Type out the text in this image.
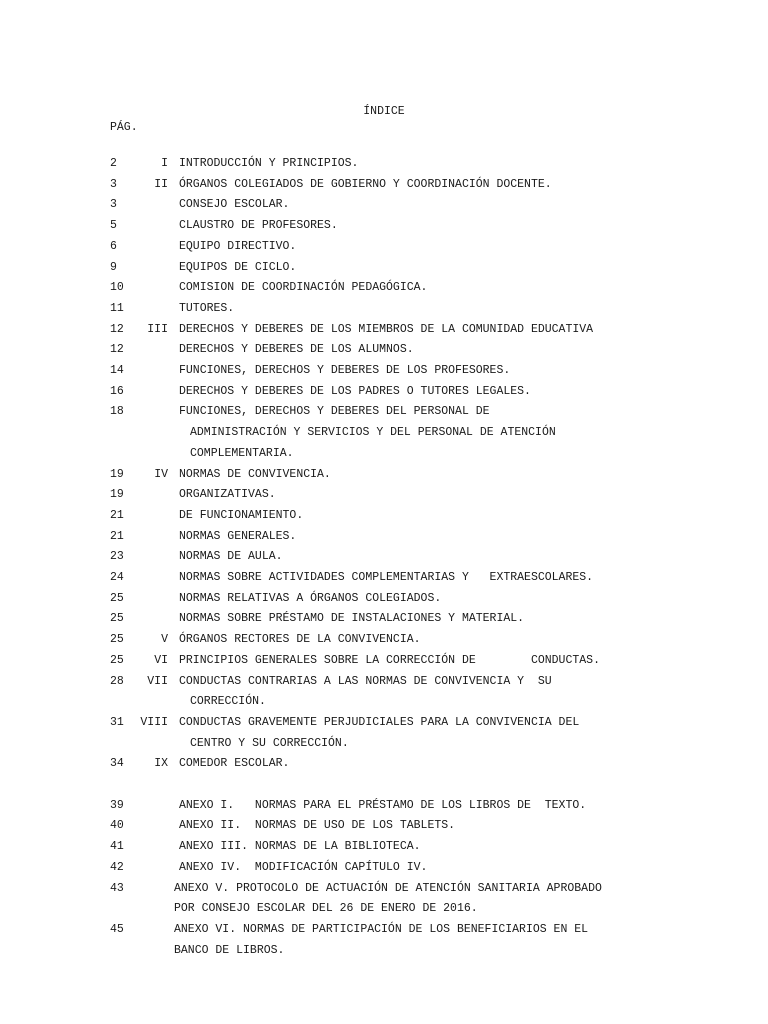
ÍNDICE
PÁG.
2	I INTRODUCCIÓN Y PRINCIPIOS.
3	II ÓRGANOS COLEGIADOS DE GOBIERNO Y COORDINACIÓN DOCENTE.
3	CONSEJO ESCOLAR.
5	CLAUSTRO DE PROFESORES.
6	EQUIPO DIRECTIVO.
9	EQUIPOS DE CICLO.
10	COMISION DE COORDINACIÓN PEDAGÓGICA.
11	TUTORES.
12	III DERECHOS Y DEBERES DE LOS MIEMBROS DE LA COMUNIDAD EDUCATIVA
12	DERECHOS Y DEBERES DE LOS ALUMNOS.
14	FUNCIONES, DERECHOS Y DEBERES DE LOS PROFESORES.
16	DERECHOS Y DEBERES DE LOS PADRES O TUTORES LEGALES.
18	FUNCIONES, DERECHOS Y DEBERES DEL PERSONAL DE
ADMINISTRACIÓN Y SERVICIOS Y DEL PERSONAL DE ATENCIÓN
COMPLEMENTARIA.
19	IV NORMAS DE CONVIVENCIA.
19	ORGANIZATIVAS.
21	DE FUNCIONAMIENTO.
21	NORMAS GENERALES.
23	NORMAS DE AULA.
24	NORMAS SOBRE ACTIVIDADES COMPLEMENTARIAS Y   EXTRAESCOLARES.
25	NORMAS RELATIVAS A ÓRGANOS COLEGIADOS.
25	NORMAS SOBRE PRÉSTAMO DE INSTALACIONES Y MATERIAL.
25	V ÓRGANOS RECTORES DE LA CONVIVENCIA.
25	VI PRINCIPIOS GENERALES SOBRE LA CORRECCIÓN DE        CONDUCTAS.
28	VII CONDUCTAS CONTRARIAS A LAS NORMAS DE CONVIVENCIA Y  SU
CORRECCIÓN.
31	VIII CONDUCTAS GRAVEMENTE PERJUDICIALES PARA LA CONVIVENCIA DEL
CENTRO Y SU CORRECCIÓN.
34	IX COMEDOR ESCOLAR.
39	ANEXO I.   NORMAS PARA EL PRÉSTAMO DE LOS LIBROS DE  TEXTO.
40	ANEXO II.  NORMAS DE USO DE LOS TABLETS.
41	ANEXO III. NORMAS DE LA BIBLIOTECA.
42	ANEXO IV.  MODIFICACIÓN CAPÍTULO IV.
43	ANEXO V. PROTOCOLO DE ACTUACIÓN DE ATENCIÓN SANITARIA APROBADO
POR CONSEJO ESCOLAR DEL 26 DE ENERO DE 2016.
45	ANEXO VI. NORMAS DE PARTICIPACIÓN DE LOS BENEFICIARIOS EN EL
BANCO DE LIBROS.
